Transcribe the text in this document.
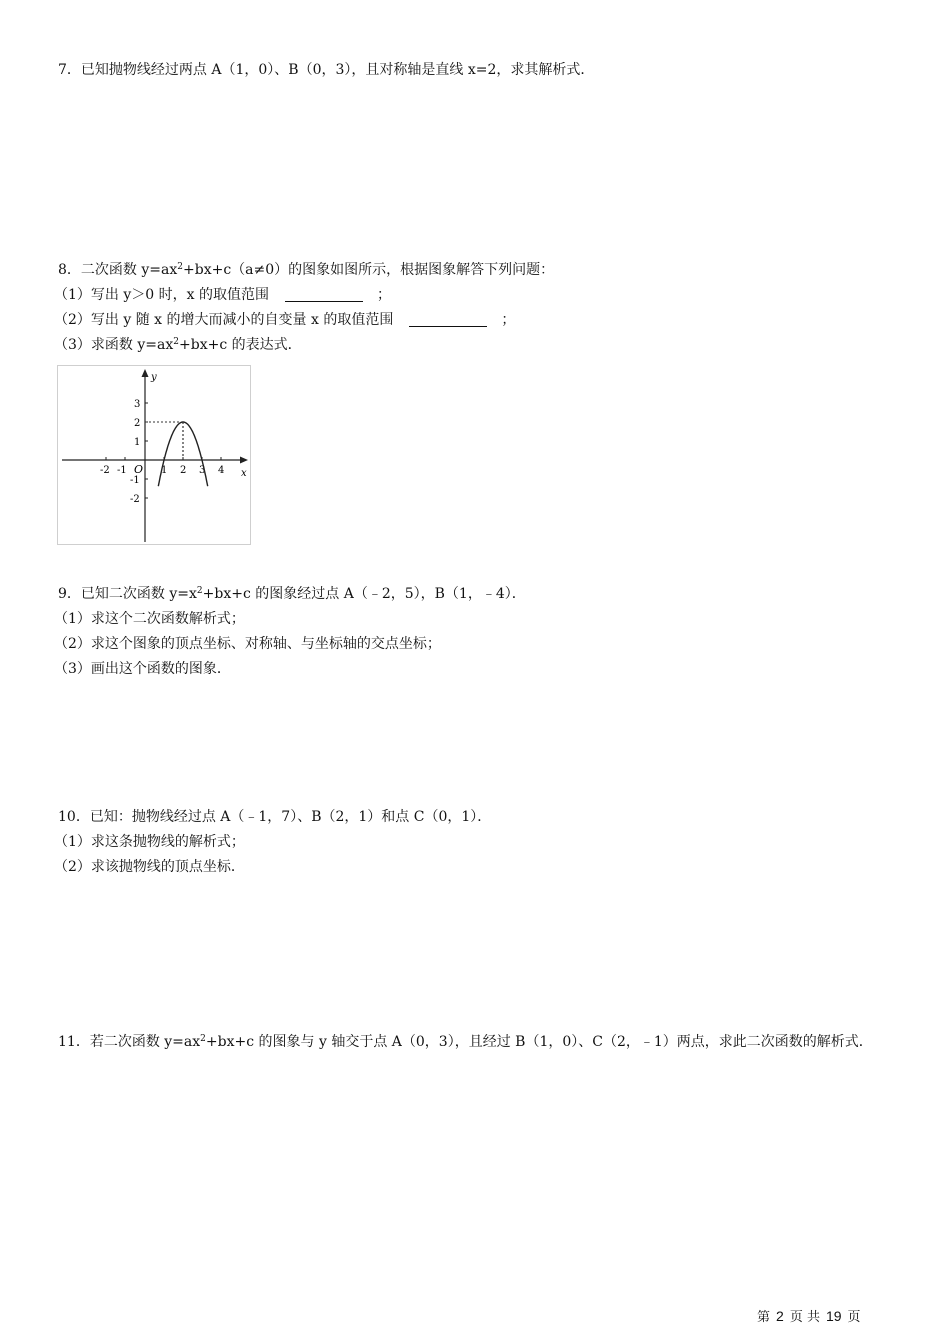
7．已知抛物线经过两点 A（1，0）、B（0，3），且对称轴是直线 x=2，求其解析式．
8．二次函数 $y=ax^2+bx+c(a\ne 0)$的图象如图所示，根据图象解答下列问题：
（1）写出 y＞0 时，x 的取值范围	；
（2）写出 y 随 x 的增大而减小的自变量 x 的取值范围	；
（3）求函数 $y=ax^2+bx+c$ 的表达式．
y
x
O
-2 -1	1 2 3 4
3
2
1
-1
-2
9．已知二次函数 $y=x^2+bx+c$ 的图象经过点 A（﹣2，5），B（1，﹣4）．
（1）求这个二次函数解析式；
（2）求这个图象的顶点坐标、对称轴、与坐标轴的交点坐标；
（3）画出这个函数的图象．
10．已知：抛物线经过点 A（﹣1，7）、B（2，1）和点 C（0，1）．
（1）求这条抛物线的解析式；
（2）求该抛物线的顶点坐标．
11．若二次函数 $y=ax^2+bx+c$ 的图象与 y 轴交于点 A（0，3），且经过 B（1，0）、C（2，﹣1）两点，求此二次函数的解析式．
第 2 页 共 19 页
